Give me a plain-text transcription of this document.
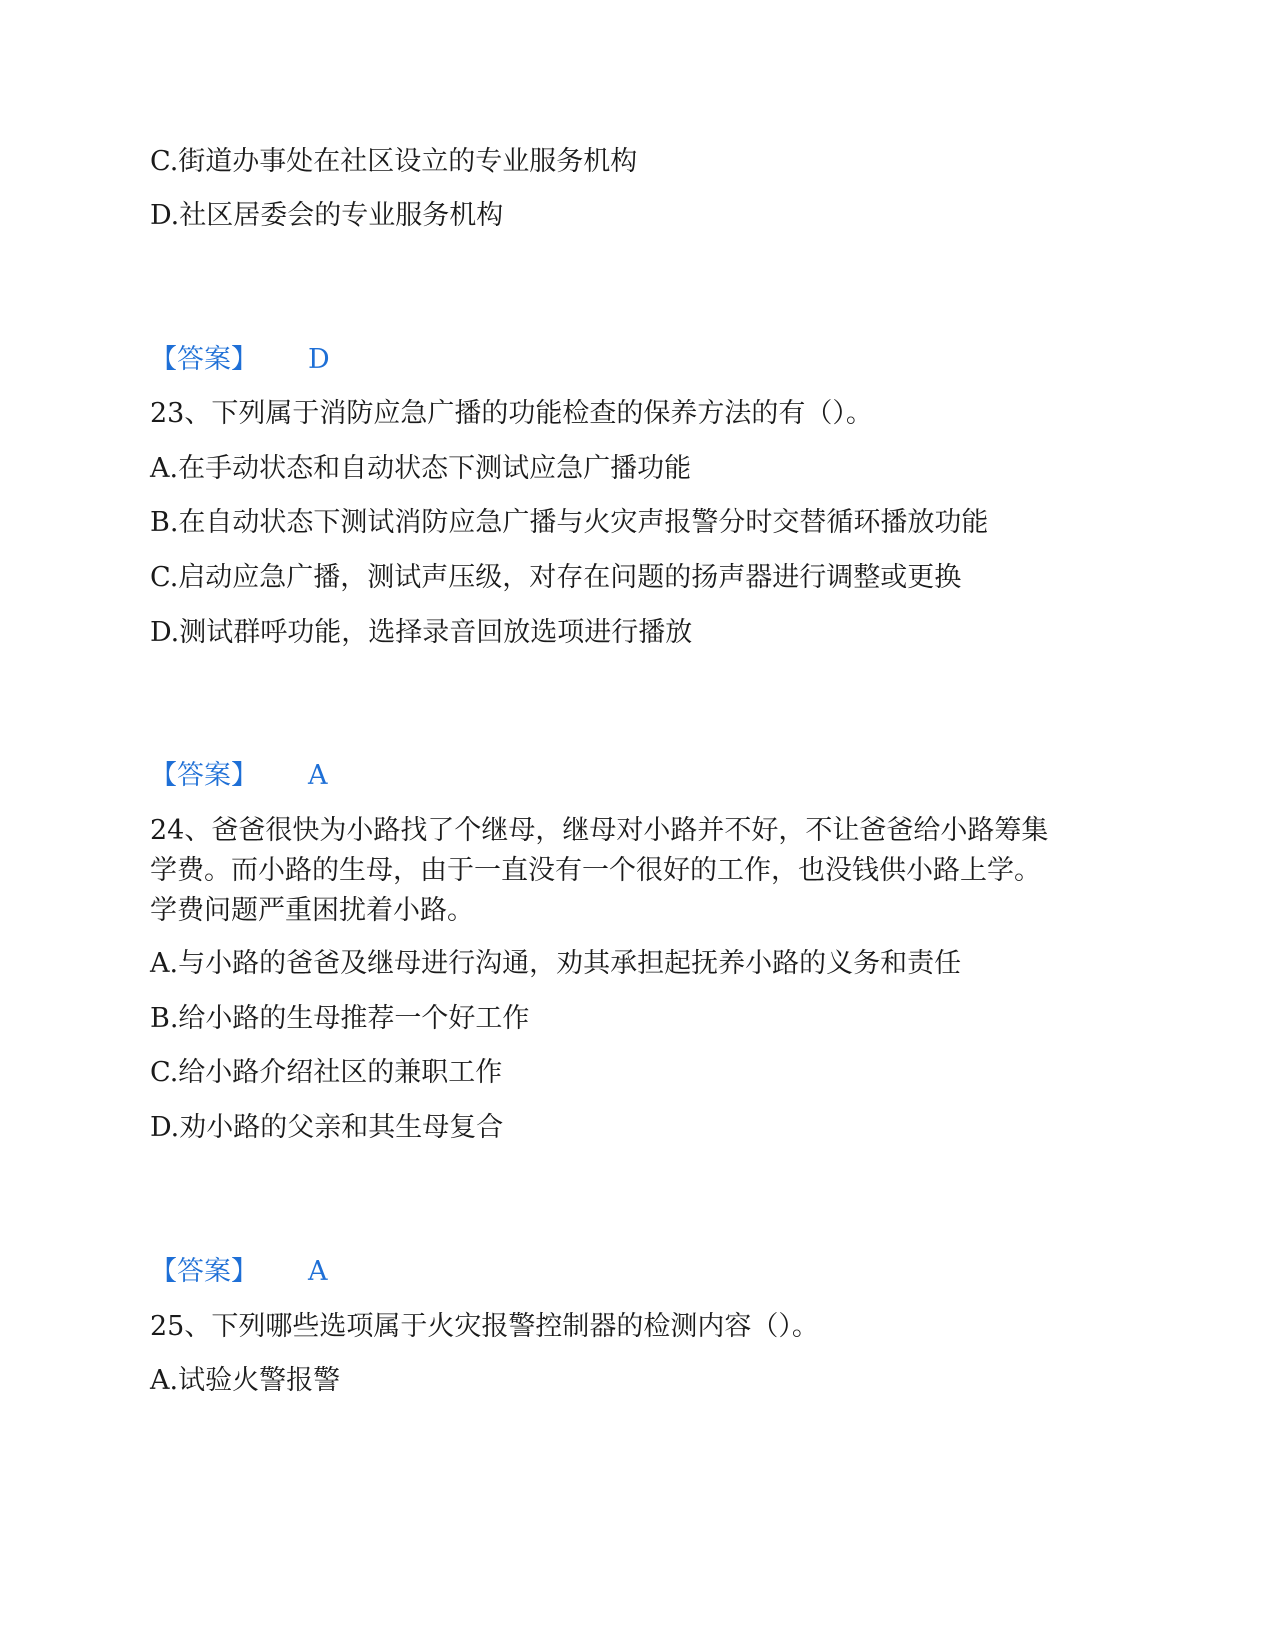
C.街道办事处在社区设立的专业服务机构
D.社区居委会的专业服务机构
【答案】 D
23、下列属于消防应急广播的功能检查的保养方法的有（）。
A.在手动状态和自动状态下测试应急广播功能
B.在自动状态下测试消防应急广播与火灾声报警分时交替循环播放功能
C.启动应急广播，测试声压级，对存在问题的扬声器进行调整或更换
D.测试群呼功能，选择录音回放选项进行播放
【答案】 A
24、爸爸很快为小路找了个继母，继母对小路并不好，不让爸爸给小路筹集
学费。而小路的生母，由于一直没有一个很好的工作，也没钱供小路上学。
学费问题严重困扰着小路。
A.与小路的爸爸及继母进行沟通，劝其承担起抚养小路的义务和责任
B.给小路的生母推荐一个好工作
C.给小路介绍社区的兼职工作
D.劝小路的父亲和其生母复合
【答案】 A
25、下列哪些选项属于火灾报警控制器的检测内容（）。
A.试验火警报警
